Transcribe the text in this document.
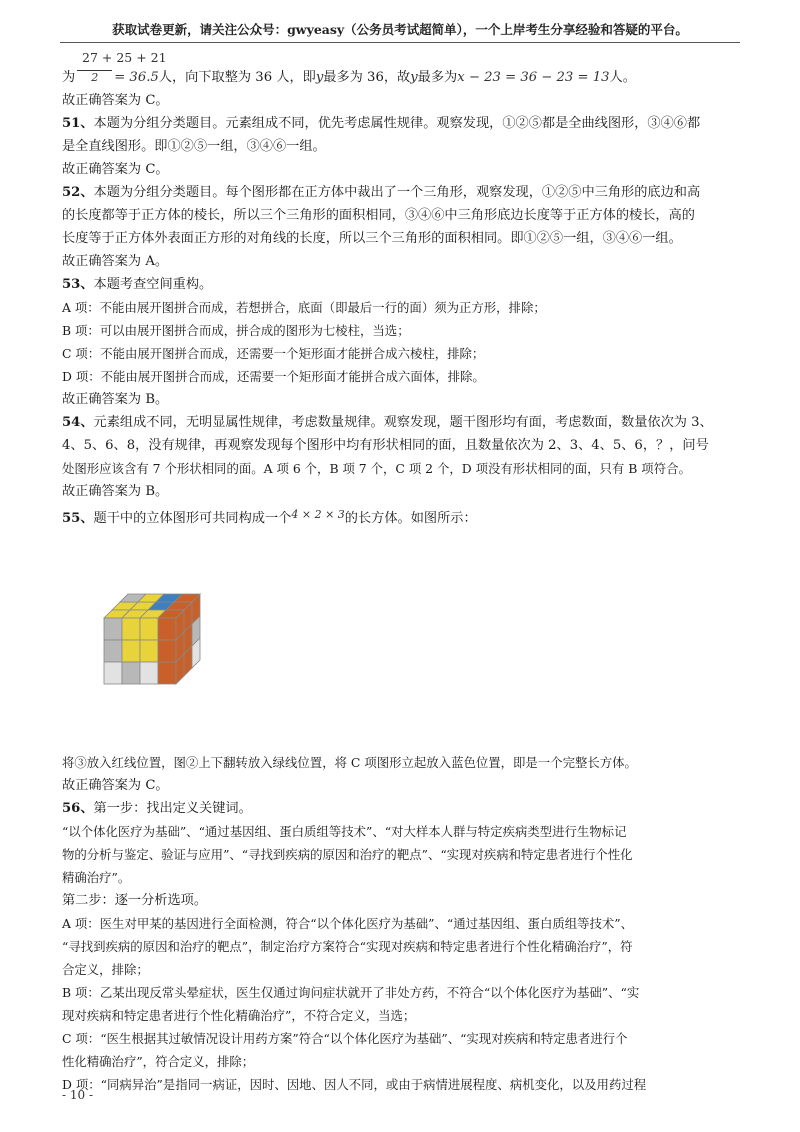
获取试卷更新，请关注公众号：gwyeasy（公务员考试超简单），一个上岸考生分享经验和答疑的平台。
27 + 25 + 21
为 2 = 36.5人，向下取整为 36 人，即y最多为 36，故y最多为x − 23 = 36 − 23 = 13人。
故正确答案为 C。
51、本题为分组分类题目。元素组成不同，优先考虑属性规律。观察发现，①②⑤都是全曲线图形，③④⑥都
是全直线图形。即①②⑤一组，③④⑥一组。
故正确答案为 C。
52、本题为分组分类题目。每个图形都在正方体中裁出了一个三角形，观察发现，①②⑤中三角形的底边和高
的长度都等于正方体的棱长，所以三个三角形的面积相同，③④⑥中三角形底边长度等于正方体的棱长，高的
长度等于正方体外表面正方形的对角线的长度，所以三个三角形的面积相同。即①②⑤一组，③④⑥一组。
故正确答案为 A。
53、本题考查空间重构。
A 项：不能由展开图拼合而成，若想拼合，底面（即最后一行的面）须为正方形，排除；
B 项：可以由展开图拼合而成，拼合成的图形为七棱柱，当选；
C 项：不能由展开图拼合而成，还需要一个矩形面才能拼合成六棱柱，排除；
D 项：不能由展开图拼合而成，还需要一个矩形面才能拼合成六面体，排除。
故正确答案为 B。
54、元素组成不同，无明显属性规律，考虑数量规律。观察发现，题干图形均有面，考虑数面，数量依次为 3、
4、5、6、8，没有规律，再观察发现每个图形中均有形状相同的面，且数量依次为 2、3、4、5、6，？，问号
处图形应该含有 7 个形状相同的面。A 项 6 个，B 项 7 个，C 项 2 个，D 项没有形状相同的面，只有 B 项符合。
故正确答案为 B。
55、题干中的立体图形可共同构成一个$^{4 \times 2 \times 3}$的长方体。如图所示：
将③放入红线位置，图②上下翻转放入绿线位置，将 C 项图形立起放入蓝色位置，即是一个完整长方体。
故正确答案为 C。
56、第一步：找出定义关键词。
“以个体化医疗为基础”、“通过基因组、蛋白质组等技术”、“对大样本人群与特定疾病类型进行生物标记
物的分析与鉴定、验证与应用”、“寻找到疾病的原因和治疗的靶点”、“实现对疾病和特定患者进行个性化
精确治疗”。
第二步：逐一分析选项。
A 项：医生对甲某的基因进行全面检测，符合“以个体化医疗为基础”、“通过基因组、蛋白质组等技术”、
“寻找到疾病的原因和治疗的靶点”，制定治疗方案符合“实现对疾病和特定患者进行个性化精确治疗”，符
合定义，排除；
B 项：乙某出现反常头晕症状，医生仅通过询问症状就开了非处方药，不符合“以个体化医疗为基础”、“实
现对疾病和特定患者进行个性化精确治疗”，不符合定义，当选；
C 项：“医生根据其过敏情况设计用药方案”符合“以个体化医疗为基础”、“实现对疾病和特定患者进行个
性化精确治疗”，符合定义，排除；
D 项：“同病异治”是指同一病证，因时、因地、因人不同，或由于病情进展程度、病机变化，以及用药过程
- 10 -
